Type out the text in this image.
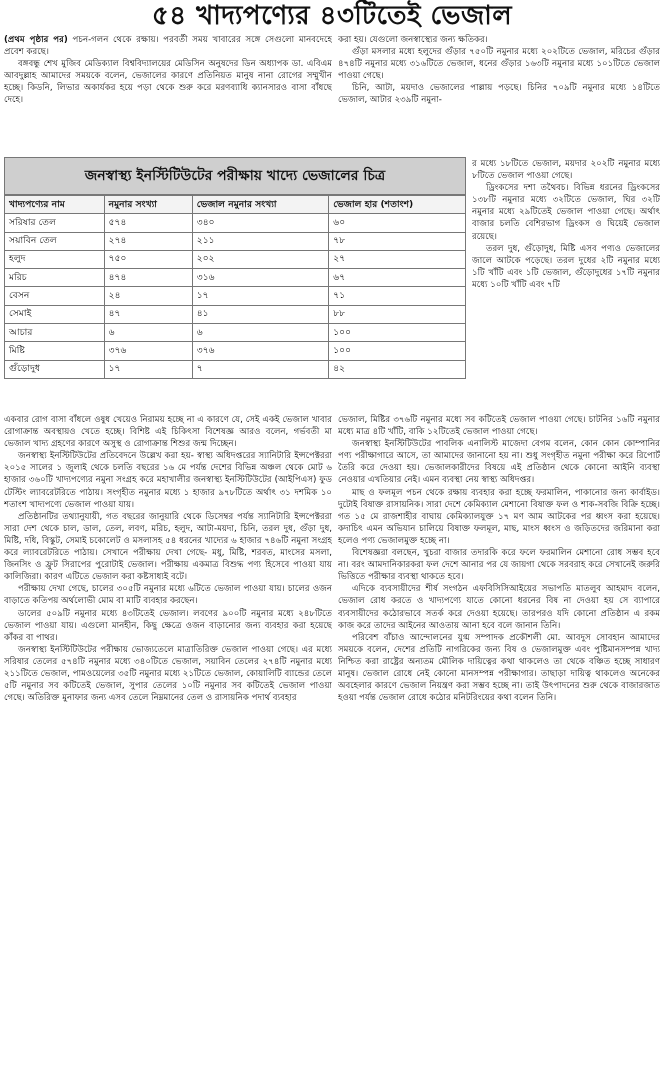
৫৪ খাদ্যপণ্যের ৪৩টিতেই ভেজাল

(প্রথম পৃষ্ঠার পর) পচন-গলন থেকে রক্ষায়। পরবর্তী সময় খাবারের সঙ্গে সেগুলো মানবদেহে প্রবেশ করছে।

বঙ্গবন্ধু শেখ মুজিব মেডিক্যাল বিশ্ববিদ্যালয়ের মেডিসিন অনুষদের ডিন অধ্যাপক ডা. এবিএম আবদুল্লাহ আমাদের সময়কে বলেন, ভেজালের কারণে প্রতিনিয়ত মানুষ নানা রোগের সম্মুখীন হচ্ছে। কিডনি, লিভার অকার্যকর হয়ে পড়া থেকে শুরু করে মরণব্যাধি ক্যানসারও বাসা বাঁধছে দেহে।

করা হয়। যেগুলো জনস্বাস্থ্যের জন্য ক্ষতিকর।

গুঁড়া মসলার মধ্যে হলুদের গুঁড়ার ৭৫০টি নমুনার মধ্যে ২০২টিতে ভেজাল, মরিচের গুঁড়ার ৪৭৪টি নমুনার মধ্যে ৩১৬টিতে ভেজাল, ধনের গুঁড়ার ১৬৩টি নমুনার মধ্যে ১০১টিতে ভেজাল পাওয়া গেছে।

চিনি, আটা, ময়দাও ভেজালের পাল্লায় পড়ছে। চিনির ৭০৯টি নমুনার মধ্যে ১৪টিতে ভেজাল, আটার ২৩৯টি নমুনা-

জনস্বাস্থ্য ইনস্টিটিউটের পরীক্ষায় খাদ্যে ভেজালের চিত্র
খাদ্যপণ্যের নাম	নমুনার সংখ্যা	ভেজাল নমুনার সংখ্যা	ভেজাল হার (শতাংশ)
সরিষার তেল	৫৭৪	৩৪০	৬০
সয়াবিন তেল	২৭৪	২১১	৭৮
হলুদ	৭৫০	২০২	২৭
মরিচ	৪৭৪	৩১৬	৬৭
বেসন	২৪	১৭	৭১
সেমাই	৪৭	৪১	৮৮
আচার	৬	৬	১০০
মিষ্টি	৩৭৬	৩৭৬	১০০
গুঁড়োদুধ	১৭	৭	৪২

র মধ্যে ১৮টিতে ভেজাল, ময়দার ২০২টি নমুনার মধ্যে ৮টিতে ভেজাল পাওয়া গেছে।

ড্রিংকসের দশা তথৈবচ। বিভিন্ন ধরনের ড্রিংকসের ১৩৮টি নমুনার মধ্যে ৩২টিতে ভেজাল, ঘির ৩২টি নমুনার মধ্যে ২৯টিতেই ভেজাল পাওয়া গেছে। অর্থাৎ বাজার চলতি বেশিরভাগ ড্রিংকস ও ঘিয়েই ভেজাল রয়েছে।

তরল দুধ, গুঁড়োদুধ, মিষ্টি এসব পণ্যও ভেজালের জালে আটকে পড়েছে। তরল দুধের ২টি নমুনার মধ্যে ১টি খাঁটি এবং ১টি ভেজাল, গুঁড়োদুধের ১৭টি নমুনার মধ্যে ১০টি খাঁটি এবং ৭টি

একবার রোগ বাসা বাঁধলে ওষুধ খেয়েও নিরাময় হচ্ছে না এ কারণে যে, সেই একই ভেজাল খাবার রোগাক্রান্ত অবস্থায়ও খেতে হচ্ছে। বিশিষ্ট এই চিকিৎসা বিশেষজ্ঞ আরও বলেন, গর্ভবতী মা ভেজাল খাদ্য গ্রহণের কারণে অসুস্থ ও রোগাক্রান্ত শিশুর জন্ম দিচ্ছেন।

জনস্বাস্থ্য ইনস্টিটিউটের প্রতিবেদনে উল্লেখ করা হয়- স্বাস্থ্য অধিদপ্তরের স্যানিটারি ইন্সপেক্টররা ২০১৫ সালের ১ জুলাই থেকে চলতি বছরের ১৬ মে পর্যন্ত দেশের বিভিন্ন অঞ্চল থেকে মোট ৬ হাজার ৩৬০টি খাদ্যপণ্যের নমুনা সংগ্রহ করে মহাখালীর জনস্বাস্থ্য ইনস্টিটিউটের (আইপিএস) ফুড টেস্টিং ল্যাবরেটরিতে পাঠায়। সংগৃহীত নমুনার মধ্যে ১ হাজার ৯৭৮টিতে অর্থাৎ ৩১ দশমিক ১০ শতাংশ খাদ্যপণ্যে ভেজাল পাওয়া যায়।

প্রতিষ্ঠানটির তথ্যানুযায়ী, গত বছরের জানুয়ারি থেকে ডিসেম্বর পর্যন্ত স্যানিটারি ইন্সপেক্টররা সারা দেশ থেকে চাল, ডাল, তেল, লবণ, মরিচ, হলুদ, আটা-ময়দা, চিনি, তরল দুধ, গুঁড়া দুধ, মিষ্টি, দধি, বিস্কুট, সেমাই চকোলেট ও মসলাসহ ৫৪ ধরনের খাদ্যের ৬ হাজার ৭৪৬টি নমুনা সংগ্রহ করে ল্যাবরেটরিতে পাঠায়। সেখানে পরীক্ষায় দেখা গেছে- মধু, মিষ্টি, শরবত, মাংসের মসলা, জিনসিং ও ফ্রুট সিরাপের পুরোটাই ভেজাল। পরীক্ষায় একমাত্র বিশুদ্ধ পণ্য হিসেবে পাওয়া যায় কালিজিরা। কারণ এটিতে ভেজাল করা কষ্টসাধ্যই বটে।

পরীক্ষায় দেখা গেছে, চালের ৩০৫টি নমুনার মধ্যে ৬টিতে ভেজাল পাওয়া যায়। চালের ওজন বাড়াতে কতিপয় অর্থলোভী মোম বা মাটি ব্যবহার করছেন।

ডালের ৫০৯টি নমুনার মধ্যে ৪৩টিতেই ভেজাল। লবণের ৯০০টি নমুনার মধ্যে ২৪৮টিতে ভেজাল পাওয়া যায়। এগুলো মানহীন, কিছু ক্ষেত্রে ওজন বাড়ানোর জন্য ব্যবহার করা হয়েছে কাঁকর বা পাথর।

জনস্বাস্থ্য ইনস্টিটিউটের পরীক্ষায় ভোজ্যতেলে মাত্রাতিরিক্ত ভেজাল পাওয়া গেছে। এর মধ্যে সরিষার তেলের ৫৭৪টি নমুনার মধ্যে ৩৪০টিতে ভেজাল, সয়াবিন তেলের ২৭৪টি নমুনার মধ্যে ২১১টিতে ভেজাল, পামওয়েলের ৩৫টি নমুনার মধ্যে ২১টিতে ভেজাল, কোয়ালিটি ব্যান্ডের তেলে ৫টি নমুনার সব কটিতেই ভেজাল, সুপার তেলের ১০টি নমুনার সব কটিতেই ভেজাল পাওয়া গেছে। অতিরিক্ত মুনাফার জন্য এসব তেলে নিম্নমানের তেল ও রাসায়নিক পদার্থ ব্যবহার

ভেজাল, মিষ্টির ৩৭৬টি নমুনার মধ্যে সব কটিতেই ভেজাল পাওয়া গেছে। চাটনির ১৬টি নমুনার মধ্যে মাত্র ৪টি খাঁটি, বাকি ১২টিতেই ভেজাল পাওয়া গেছে।

জনস্বাস্থ্য ইনস্টিটিউটের পাবলিক এনালিস্ট মাজেদা বেগম বলেন, কোন কোন কোম্পানির পণ্য পরীক্ষাগারে আসে, তা আমাদের জানানো হয় না। শুধু সংগৃহীত নমুনা পরীক্ষা করে রিপোর্ট তৈরি করে দেওয়া হয়। ভেজালকারীদের বিষয়ে এই প্রতিষ্ঠান থেকে কোনো আইনি ব্যবস্থা নেওয়ার এখতিয়ার নেই। এমন ব্যবস্থা নেয় স্বাস্থ্য অধিদপ্তর।

মাছ ও ফলমূল পচন থেকে রক্ষায় ব্যবহার করা হচ্ছে ফরমালিন, পাকানোর জন্য কার্বাইড। দুটোই বিষাক্ত রাসায়নিক। সারা দেশে কেমিক্যাল মেশানো বিষাক্ত ফল ও শাক-সবজি বিক্রি হচ্ছে। গত ১৫ মে রাজশাহীর বাঘায় কেমিক্যালযুক্ত ১৭ মণ আম আটকের পর ধ্বংস করা হয়েছে। কদাচিৎ এমন অভিযান চালিয়ে বিষাক্ত ফলমূল, মাছ, মাংস ধ্বংস ও জড়িতদের জরিমানা করা হলেও পণ্য ভেজালমুক্ত হচ্ছে না।

বিশেষজ্ঞরা বলছেন, খুচরা বাজার তদারকি করে ফলে ফরমালিন মেশানো রোধ সম্ভব হবে না। বরং আমদানিকারকরা ফল দেশে আনার পর যে জায়গা থেকে সরবরাহ করে সেখানেই জরুরি ভিত্তিতে পরীক্ষার ব্যবস্থা থাকতে হবে।

এদিকে ব্যবসায়ীদের শীর্ষ সংগঠন এফবিসিসিআইয়ের সভাপতি মাতলুব আহমাদ বলেন, ভেজাল রোধ করতে ও খাদ্যপণ্যে যাতে কোনো ধরনের বিষ না দেওয়া হয় সে ব্যাপারে ব্যবসায়ীদের কঠোরভাবে সতর্ক করে দেওয়া হয়েছে। তারপরও যদি কোনো প্রতিষ্ঠান এ রকম কাজ করে তাদের আইনের আওতায় আনা হবে বলে জানান তিনি।

পরিবেশ বাঁচাও আন্দোলনের যুগ্ম সম্পাদক প্রকৌশলী মো. আবদুস সোবহান আমাদের সময়কে বলেন, দেশের প্রতিটি নাগরিকের জন্য বিষ ও ভেজালমুক্ত এবং পুষ্টিমানসম্পন্ন খাদ্য নিশ্চিত করা রাষ্ট্রের অন্যতম মৌলিক দায়িত্বের কথা থাকলেও তা থেকে বঞ্চিত হচ্ছে সাধারণ মানুষ। ভেজাল রোধে নেই কোনো মানসম্পন্ন পরীক্ষাগার। তাছাড়া দায়িত্ব থাকলেও অনেকের অবহেলার কারণে ভেজাল নিয়ন্ত্রণ করা সম্ভব হচ্ছে না। তাই উৎপাদনের শুরু থেকে বাজারজাত হওয়া পর্যন্ত ভেজাল রোধে কঠোর মনিটরিংয়ের কথা বলেন তিনি।
